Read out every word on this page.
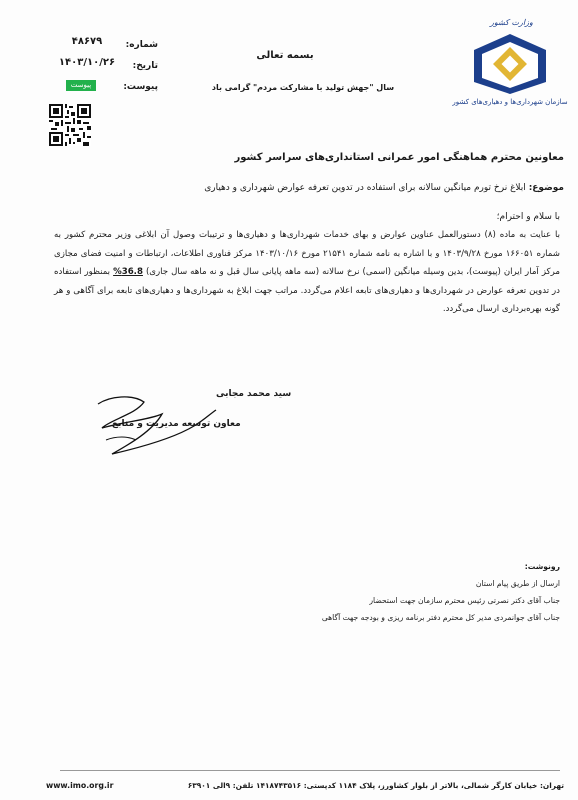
وزارت کشور
سازمان شهرداری‌ها و دهیاری‌های کشور
بسمه تعالی
سال "جهش تولید با مشارکت مردم" گرامی باد
شماره:
تاریخ:
پیوست:
۴۸۶۷۹
۱۴۰۳/۱۰/۲۶
پیوست
معاونین محترم هماهنگی امور عمرانی استانداری‌های سراسر کشور
موضوع: ابلاغ نرخ تورم میانگین سالانه برای استفاده در تدوین تعرفه عوارض شهرداری و دهیاری
با سلام و احترام؛
با عنایت به ماده (۸) دستورالعمل عناوین عوارض و بهای خدمات شهرداری‌ها و دهیاری‌ها و ترتیبات وصول آن ابلاغی وزیر محترم کشور به شماره ۱۶۶۰۵۱ مورخ ۱۴۰۳/۹/۲۸ و با اشاره به نامه شماره ۲۱۵۴۱ مورخ ۱۴۰۳/۱۰/۱۶ مرکز فناوری اطلاعات، ارتباطات و امنیت فضای مجازی مرکز آمار ایران (پیوست)، بدین وسیله میانگین (اسمی) نرخ سالانه (سه ماهه پایانی سال قبل و نه ماهه سال جاری) 36.8% بمنظور استفاده در تدوین تعرفه عوارض در شهرداری‌ها و دهیاری‌های تابعه اعلام می‌گردد. مراتب جهت ابلاغ به شهرداری‌ها و دهیاری‌های تابعه برای آگاهی و هر گونه بهره‌برداری ارسال می‌گردد.
سید محمد مجابی
معاون توسعه مدیریت و منابع
رونوشت:
ارسال از طریق پیام استان
جناب آقای دکتر نصرتی رئیس محترم سازمان جهت استحضار
جناب آقای جوانمردی مدیر کل محترم دفتر برنامه ریزی و بودجه جهت آگاهی
تهران: خیابان کارگر شمالی، بالاتر از بلوار کشاورز، پلاک ۱۱۸۴ کدپستی: ۱۴۱۸۷۴۳۵۱۶ تلفن: ۹الی ۶۳۹۰۱
www.imo.org.ir
